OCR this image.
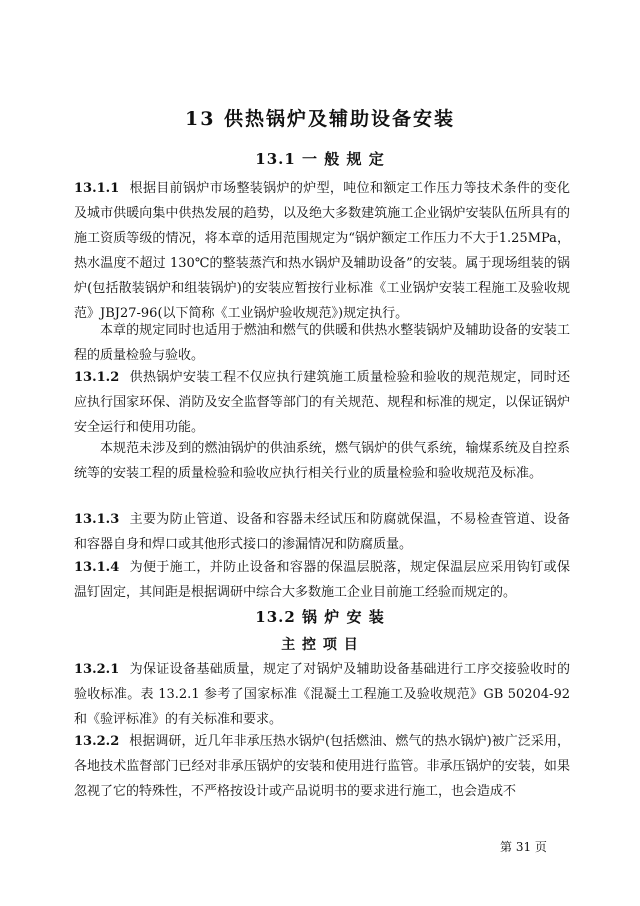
13 供热锅炉及辅助设备安装
13.1 一 般 规 定

13.1.1 根据目前锅炉市场整装锅炉的炉型，吨位和额定工作压力等技术条件的变化及城市供暖向集中供热发展的趋势，以及绝大多数建筑施工企业锅炉安装队伍所具有的施工资质等级的情况，将本章的适用范围规定为“锅炉额定工作压力不大于1.25MPa，热水温度不超过 130℃的整装蒸汽和热水锅炉及辅助设备”的安装。属于现场组装的锅炉(包括散装锅炉和组装锅炉)的安装应暂按行业标准《工业锅炉安装工程施工及验收规范》JBJ27-96(以下简称《工业锅炉验收规范》)规定执行。

本章的规定同时也适用于燃油和燃气的供暖和供热水整装锅炉及辅助设备的安装工程的质量检验与验收。

13.1.2 供热锅炉安装工程不仅应执行建筑施工质量检验和验收的规范规定，同时还应执行国家环保、消防及安全监督等部门的有关规范、规程和标准的规定，以保证锅炉安全运行和使用功能。

本规范未涉及到的燃油锅炉的供油系统，燃气锅炉的供气系统，输煤系统及自控系统等的安装工程的质量检验和验收应执行相关行业的质量检验和验收规范及标准。

13.1.3 主要为防止管道、设备和容器未经试压和防腐就保温，不易检查管道、设备和容器自身和焊口或其他形式接口的渗漏情况和防腐质量。

13.1.4 为便于施工，并防止设备和容器的保温层脱落，规定保温层应采用钩钉或保温钉固定，其间距是根据调研中综合大多数施工企业目前施工经验而规定的。

13.2 锅 炉 安 装
主 控 项 目

13.2.1 为保证设备基础质量，规定了对锅炉及辅助设备基础进行工序交接验收时的验收标准。表 13.2.1 参考了国家标准《混凝土工程施工及验收规范》GB 50204-92 和《验评标准》的有关标准和要求。

13.2.2 根据调研，近几年非承压热水锅炉(包括燃油、燃气的热水锅炉)被广泛采用，各地技术监督部门已经对非承压锅炉的安装和使用进行监管。非承压锅炉的安装，如果忽视了它的特殊性，不严格按设计或产品说明书的要求进行施工，也会造成不

第 31 页
